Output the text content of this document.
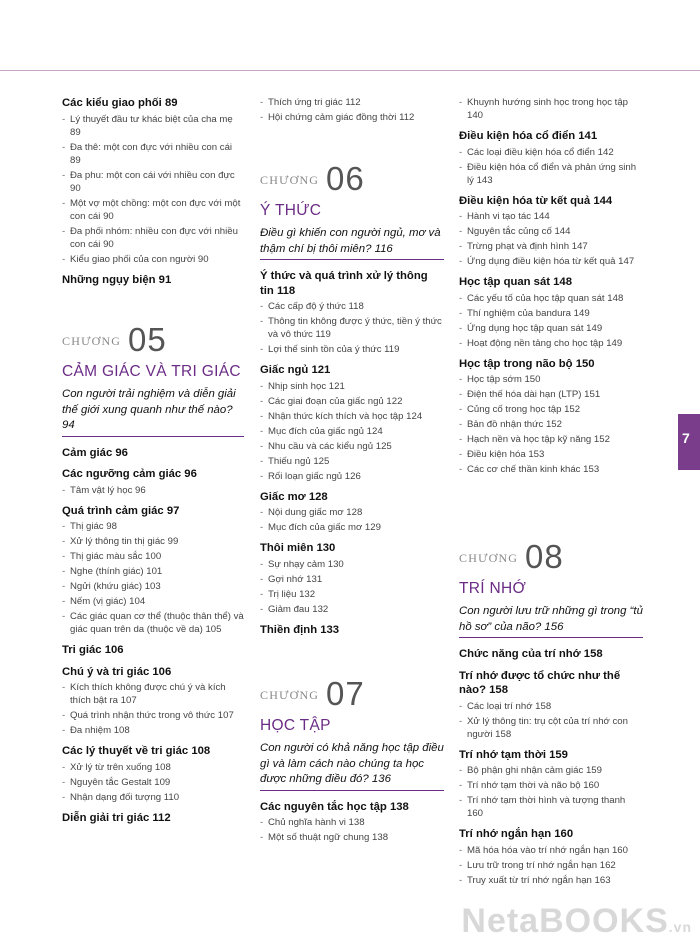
Các kiểu giao phối 89
- Lý thuyết đầu tư khác biệt của cha mẹ 89
- Đa thê: một con đực với nhiều con cái 89
- Đa phu: một con cái với nhiều con đực 90
- Một vợ một chồng: một con đực với một con cái 90
- Đa phối nhóm: nhiều con đực với nhiều con cái 90
- Kiểu giao phối của con người 90
Những ngụy biện 91
CHƯƠNG 05
CẢM GIÁC VÀ TRI GIÁC
Con người trải nghiệm và diễn giải thế giới xung quanh như thế nào? 94
Cảm giác 96
Các ngưỡng cảm giác 96
- Tâm vật lý học 96
Quá trình cảm giác 97
- Thị giác 98
- Xử lý thông tin thị giác 99
- Thị giác màu sắc 100
- Nghe (thính giác) 101
- Ngửi (khứu giác) 103
- Nếm (vị giác) 104
- Các giác quan cơ thể (thuộc thân thể) và giác quan trên da (thuộc về da) 105
Tri giác 106
Chú ý và tri giác 106
- Kích thích không được chú ý và kích thích bật ra 107
- Quá trình nhận thức trong vô thức 107
- Đa nhiệm 108
Các lý thuyết về tri giác 108
- Xử lý từ trên xuống 108
- Nguyên tắc Gestalt 109
- Nhận dạng đối tượng 110
Diễn giải tri giác 112
- Thích ứng tri giác 112
- Hội chứng cảm giác đồng thời 112
CHƯƠNG 06
Ý THỨC
Điều gì khiến con người ngủ, mơ và thậm chí bị thôi miên? 116
Ý thức và quá trình xử lý thông tin 118
- Các cấp độ ý thức 118
- Thông tin không được ý thức, tiền ý thức và vô thức 119
- Lợi thế sinh tồn của ý thức 119
Giấc ngủ 121
- Nhịp sinh học 121
- Các giai đoạn của giấc ngủ 122
- Nhận thức kích thích và học tập 124
- Mục đích của giấc ngủ 124
- Nhu cầu và các kiểu ngủ 125
- Thiếu ngủ 125
- Rối loạn giấc ngủ 126
Giấc mơ 128
- Nội dung giấc mơ 128
- Mục đích của giấc mơ 129
Thôi miên 130
- Sự nhạy cảm 130
- Gợi nhớ 131
- Trị liệu 132
- Giảm đau 132
Thiền định 133
CHƯƠNG 07
HỌC TẬP
Con người có khả năng học tập điều gì và làm cách nào chúng ta học được những điều đó? 136
Các nguyên tắc học tập 138
- Chủ nghĩa hành vi 138
- Một số thuật ngữ chung 138
- Khuynh hướng sinh học trong học tập 140
Điều kiện hóa cổ điển 141
- Các loại điều kiện hóa cổ điển 142
- Điều kiện hóa cổ điển và phản ứng sinh lý 143
Điều kiện hóa từ kết quả 144
- Hành vi tạo tác 144
- Nguyên tắc củng cố 144
- Trừng phạt và định hình 147
- Ứng dụng điều kiện hóa từ kết quả 147
Học tập quan sát 148
- Các yếu tố của học tập quan sát 148
- Thí nghiệm của bandura 149
- Ứng dụng học tập quan sát 149
- Hoạt động nền tảng cho học tập 149
Học tập trong não bộ 150
- Học tập sớm 150
- Điện thế hóa dài hạn (LTP) 151
- Củng cố trong học tập 152
- Bản đồ nhận thức 152
- Hạch nền và học tập kỹ năng 152
- Điều kiện hóa 153
- Các cơ chế thần kinh khác 153
CHƯƠNG 08
TRÍ NHỚ
Con người lưu trữ những gì trong “tủ hồ sơ” của não? 156
Chức năng của trí nhớ 158
Trí nhớ được tổ chức như thế nào? 158
- Các loại trí nhớ 158
- Xử lý thông tin: trụ cột của trí nhớ con người 158
Trí nhớ tạm thời 159
- Bộ phận ghi nhận cảm giác 159
- Trí nhớ tạm thời và não bộ 160
- Trí nhớ tạm thời hình và tượng thanh 160
Trí nhớ ngắn hạn 160
- Mã hóa hóa vào trí nhớ ngắn hạn 160
- Lưu trữ trong trí nhớ ngắn hạn 162
- Truy xuất từ trí nhớ ngắn hạn 163
7
NetaBOOKS.vn
